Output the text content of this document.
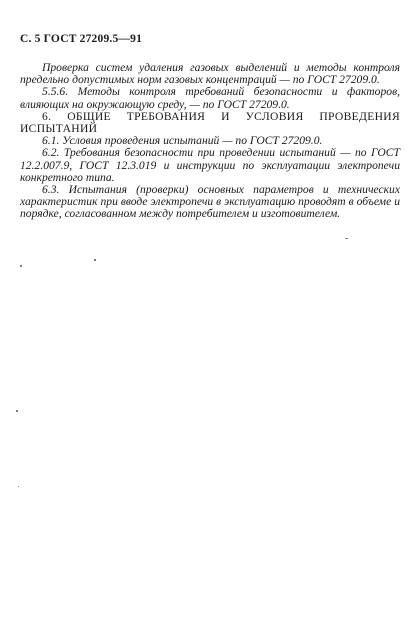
С. 5 ГОСТ 27209.5—91

Проверка систем удаления газовых выделений и методы контроля предельно допустимых норм газовых концентраций — по ГОСТ 27209.0.

5.5.6. Методы контроля требований безопасности и факторов, влияющих на окружающую среду, — по ГОСТ 27209.0.

6. ОБЩИЕ ТРЕБОВАНИЯ И УСЛОВИЯ ПРОВЕДЕНИЯ ИСПЫТАНИЙ

6.1. Условия проведения испытаний — по ГОСТ 27209.0.

6.2. Требования безопасности при проведении испытаний — по ГОСТ 12.2.007.9, ГОСТ 12.3.019 и инструкции по эксплуатации электропечи конкретного типа.

6.3. Испытания (проверки) основных параметров и технических характеристик при вводе электропечи в эксплуатацию проводят в объеме и порядке, согласованном между потребителем и изготовителем.
